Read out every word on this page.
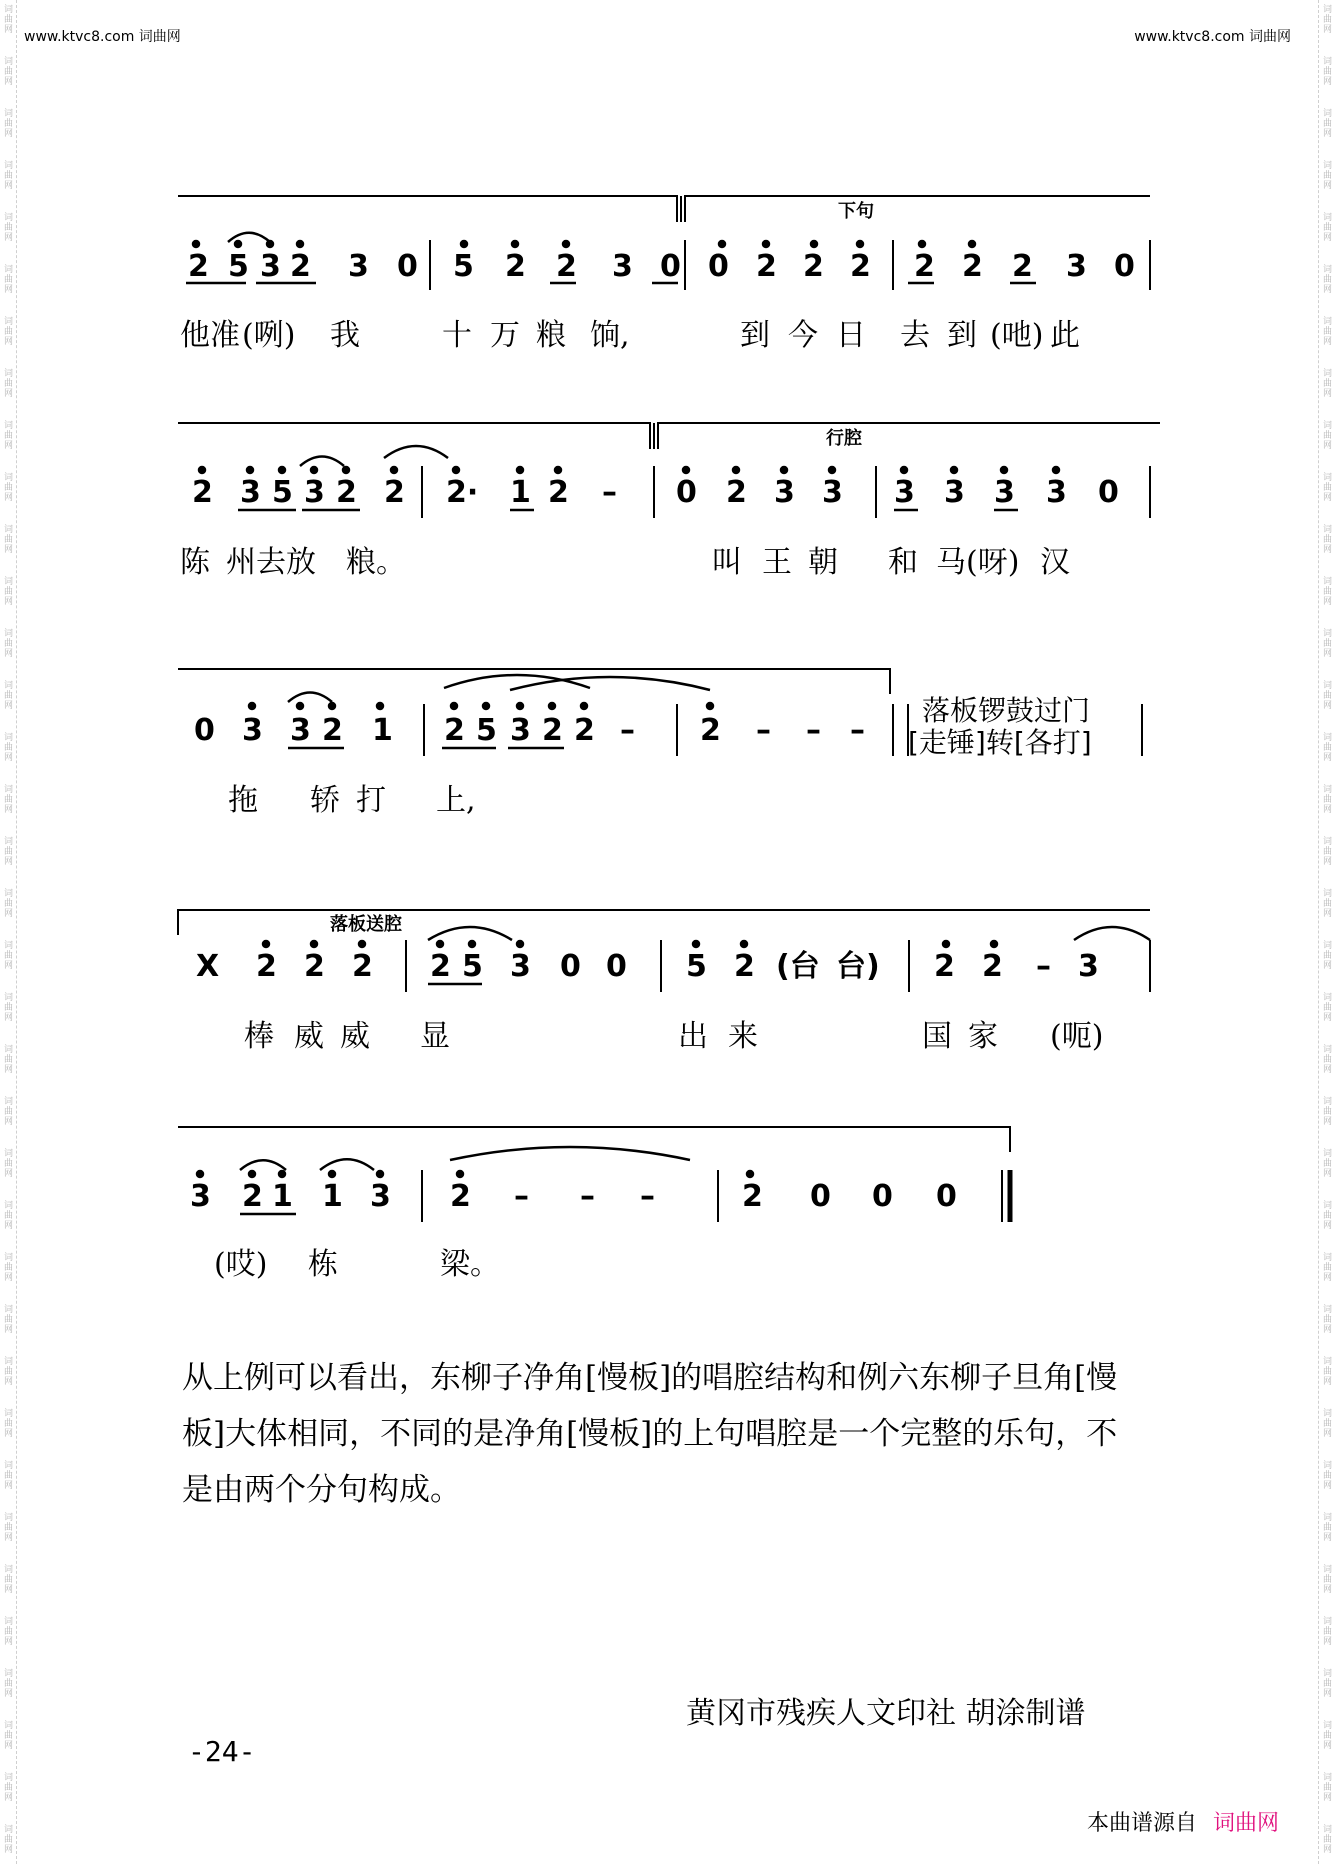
www.ktvc8.com 词曲网	www.ktvc8.com 词曲网
词曲网
词曲网
词曲网
词曲网
词曲网
词曲网
词曲网
词曲网
词曲网
词曲网
词曲网
词曲网
词曲网
词曲网
词曲网
词曲网
词曲网
词曲网
词曲网
词曲网
词曲网
词曲网
词曲网
词曲网
词曲网
词曲网
词曲网
词曲网
词曲网
词曲网
词曲网
词曲网
词曲网
词曲网
词曲网
词曲网
词曲网
词曲网
词曲网
词曲网
词曲网
词曲网
词曲网
词曲网
词曲网
词曲网
词曲网
词曲网
词曲网
词曲网
词曲网
词曲网
词曲网
词曲网
词曲网
词曲网
词曲网
词曲网
词曲网
词曲网
词曲网
词曲网
词曲网
词曲网
词曲网
词曲网
词曲网
词曲网
词曲网
词曲网
词曲网
词曲网
下句
行腔
落板送腔
落板锣鼓过门
[走锤]转[各打]
2 5 3 2 3 0 5 2 2 3 0 0 2 2 2 2 2 2 3 0
2 3 5 3 2 2 2· 1 2 – 0 2 3 3 3 3 3 3 0
0 3 3 2 1 2 5 3 2 2 – 2 – – –
X 2 2 2 2 5 3 0 0 5 2 (台 台) 2 2 – 3
3 2 1 1 3 2 – – –	2 0 0 0
他准 (咧) 我	十 万 粮 饷,	到 今 日 去 到 (吔) 此
陈 州去放 粮。	叫 王 朝 和 马(呀) 汉
拖 轿 打 上,
棒 威 威 显	出 来	国 家 (呃)
(哎) 栋	梁。

从上例可以看出，东柳子净角[慢板]的唱腔结构和例六东柳子旦角[慢板]大体相同，不同的是净角[慢板]的上句唱腔是一个完整的乐句，不是由两个分句构成。

黄冈市残疾人文印社 胡涂制谱
-24-
本曲谱源自 词曲网
